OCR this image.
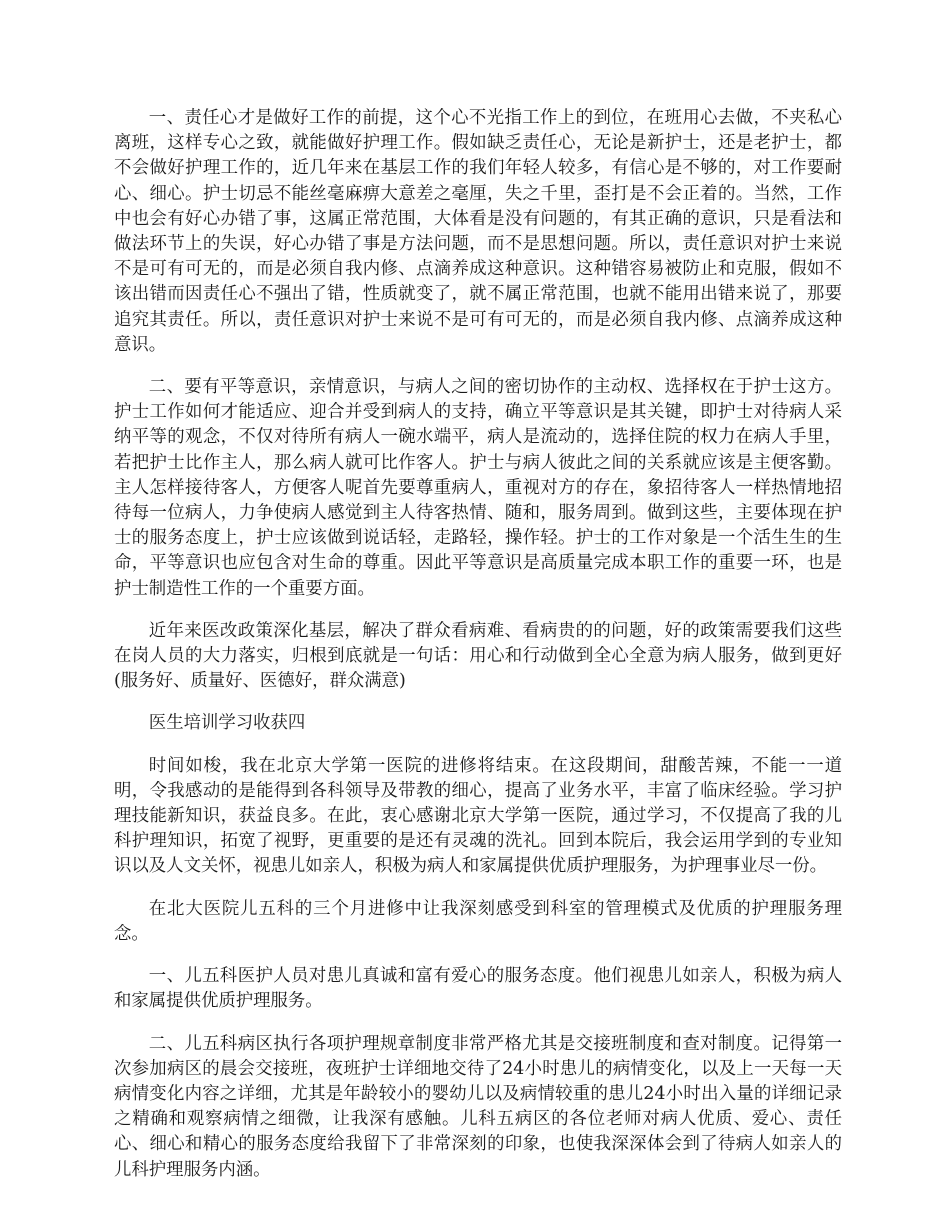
一、责任心才是做好工作的前提，这个心不光指工作上的到位，在班用心去做，不夹私心离班，这样专心之致，就能做好护理工作。假如缺乏责任心，无论是新护士，还是老护士，都不会做好护理工作的，近几年来在基层工作的我们年轻人较多，有信心是不够的，对工作要耐心、细心。护士切忌不能丝毫麻痹大意差之毫厘，失之千里，歪打是不会正着的。当然，工作中也会有好心办错了事，这属正常范围，大体看是没有问题的，有其正确的意识，只是看法和做法环节上的失误，好心办错了事是方法问题，而不是思想问题。所以，责任意识对护士来说不是可有可无的，而是必须自我内修、点滴养成这种意识。这种错容易被防止和克服，假如不该出错而因责任心不强出了错，性质就变了，就不属正常范围，也就不能用出错来说了，那要追究其责任。所以，责任意识对护士来说不是可有可无的，而是必须自我内修、点滴养成这种意识。

二、要有平等意识，亲情意识，与病人之间的密切协作的主动权、选择权在于护士这方。护士工作如何才能适应、迎合并受到病人的支持，确立平等意识是其关键，即护士对待病人采纳平等的观念，不仅对待所有病人一碗水端平，病人是流动的，选择住院的权力在病人手里，若把护士比作主人，那么病人就可比作客人。护士与病人彼此之间的关系就应该是主便客勤。主人怎样接待客人，方便客人呢首先要尊重病人，重视对方的存在，象招待客人一样热情地招待每一位病人，力争使病人感觉到主人待客热情、随和，服务周到。做到这些，主要体现在护士的服务态度上，护士应该做到说话轻，走路轻，操作轻。护士的工作对象是一个活生生的生命，平等意识也应包含对生命的尊重。因此平等意识是高质量完成本职工作的重要一环，也是护士制造性工作的一个重要方面。

近年来医改政策深化基层，解决了群众看病难、看病贵的的问题，好的政策需要我们这些在岗人员的大力落实，归根到底就是一句话：用心和行动做到全心全意为病人服务，做到更好(服务好、质量好、医德好，群众满意)

医生培训学习收获四

时间如梭，我在北京大学第一医院的进修将结束。在这段期间，甜酸苦辣，不能一一道明，令我感动的是能得到各科领导及带教的细心，提高了业务水平，丰富了临床经验。学习护理技能新知识，获益良多。在此，衷心感谢北京大学第一医院，通过学习，不仅提高了我的儿科护理知识，拓宽了视野，更重要的是还有灵魂的洗礼。回到本院后，我会运用学到的专业知识以及人文关怀，视患儿如亲人，积极为病人和家属提供优质护理服务，为护理事业尽一份。

在北大医院儿五科的三个月进修中让我深刻感受到科室的管理模式及优质的护理服务理念。

一、儿五科医护人员对患儿真诚和富有爱心的服务态度。他们视患儿如亲人，积极为病人和家属提供优质护理服务。

二、儿五科病区执行各项护理规章制度非常严格尤其是交接班制度和查对制度。记得第一次参加病区的晨会交接班，夜班护士详细地交待了24小时患儿的病情变化，以及上一天每一天病情变化内容之详细，尤其是年龄较小的婴幼儿以及病情较重的患儿24小时出入量的详细记录之精确和观察病情之细微，让我深有感触。儿科五病区的各位老师对病人优质、爱心、责任心、细心和精心的服务态度给我留下了非常深刻的印象，也使我深深体会到了待病人如亲人的儿科护理服务内涵。
